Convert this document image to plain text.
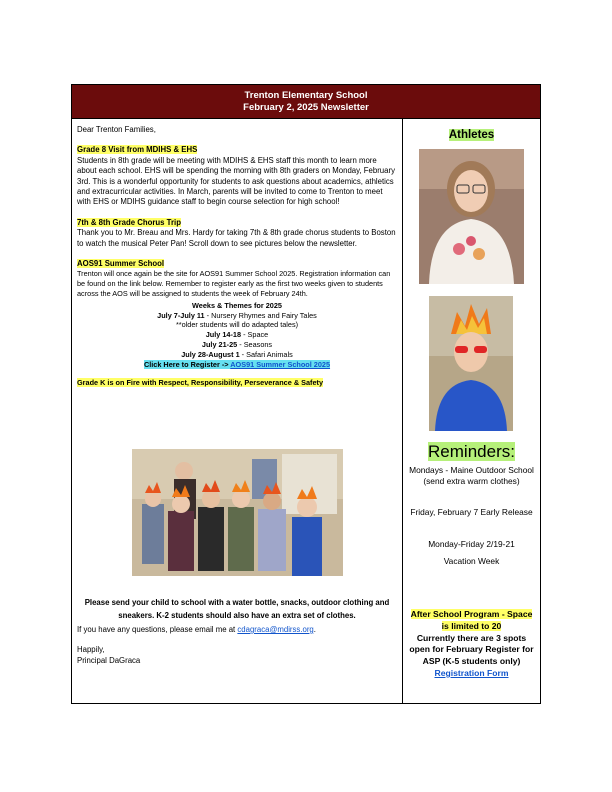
Trenton Elementary School
February 2, 2025 Newsletter

Dear Trenton Families,

Grade 8 Visit from MDIHS & EHS

Students in 8th grade will be meeting with MDIHS & EHS staff this month to learn more about each school. EHS will be spending the morning with 8th graders on Monday, February 3rd. This is a wonderful opportunity for students to ask questions about academics, athletics and extracurricular activities. In March, parents will be invited to come to Trenton to meet with EHS or MDIHS guidance staff to begin course selection for high school!

7th & 8th Grade Chorus Trip

Thank you to Mr. Breau and Mrs. Hardy for taking 7th & 8th grade chorus students to Boston to watch the musical Peter Pan! Scroll down to see pictures below the newsletter.

AOS91 Summer School

Trenton will once again be the site for AOS91 Summer School 2025. Registration information can be found on the link below. Remember to register early as the first two weeks given to students across the AOS will be assigned to students the week of February 24th.

Weeks & Themes for 2025
July 7-July 11 - Nursery Rhymes and Fairy Tales
**older students will do adapted tales)
July 14-18 - Space
July 21-25 - Seasons
July 28-August 1 - Safari Animals
Click Here to Register -> AOS91 Summer School 2025
Grade K is on Fire with Respect, Responsibility, Perseverance & Safety

Please send your child to school with a water bottle, snacks, outdoor clothing and sneakers. K-2 students should also have an extra set of clothes.

If you have any questions, please email me at cdagraca@mdirss.org.

Happily,

Principal DaGraca

Athletes
Reminders:

Mondays - Maine Outdoor School (send extra warm clothes)

Friday, February 7 Early Release

Monday-Friday 2/19-21

Vacation Week

After School Program - Space is limited to 20

Currently there are 3 spots open for February Register for ASP (K-5 students only)

Registration Form
